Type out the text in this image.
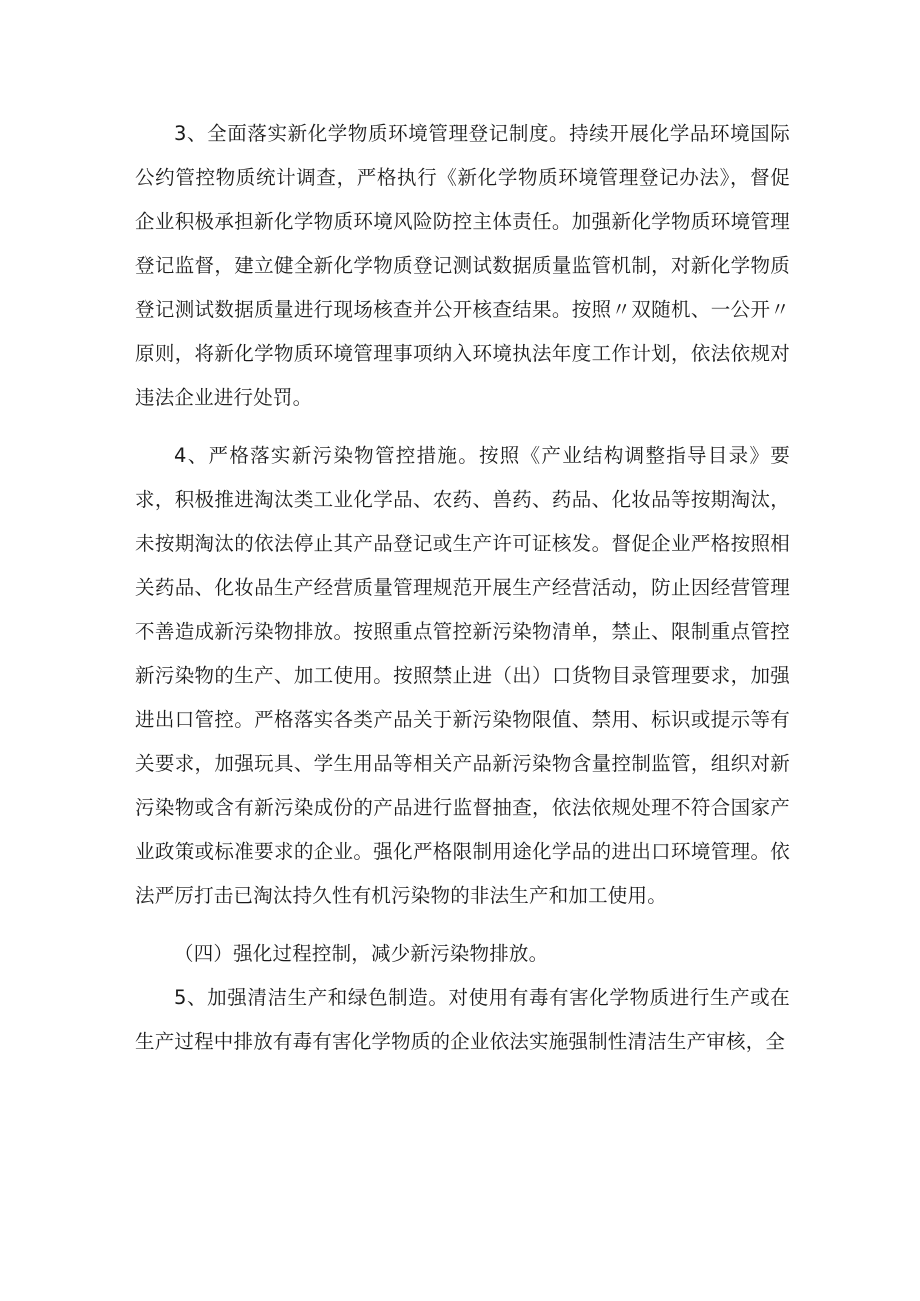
3、全面落实新化学物质环境管理登记制度。持续开展化学品环境国际公约管控物质统计调查，严格执行《新化学物质环境管理登记办法》，督促企业积极承担新化学物质环境风险防控主体责任。加强新化学物质环境管理登记监督，建立健全新化学物质登记测试数据质量监管机制，对新化学物质登记测试数据质量进行现场核查并公开核查结果。按照〃双随机、一公开〃原则，将新化学物质环境管理事项纳入环境执法年度工作计划，依法依规对违法企业进行处罚。

4、严格落实新污染物管控措施。按照《产业结构调整指导目录》要求，积极推进淘汰类工业化学品、农药、兽药、药品、化妆品等按期淘汰，未按期淘汰的依法停止其产品登记或生产许可证核发。督促企业严格按照相关药品、化妆品生产经营质量管理规范开展生产经营活动，防止因经营管理不善造成新污染物排放。按照重点管控新污染物清单，禁止、限制重点管控新污染物的生产、加工使用。按照禁止进（出）口货物目录管理要求，加强进出口管控。严格落实各类产品关于新污染物限值、禁用、标识或提示等有关要求，加强玩具、学生用品等相关产品新污染物含量控制监管，组织对新污染物或含有新污染成份的产品进行监督抽查，依法依规处理不符合国家产业政策或标准要求的企业。强化严格限制用途化学品的进出口环境管理。依法严厉打击已淘汰持久性有机污染物的非法生产和加工使用。

（四）强化过程控制，减少新污染物排放。

5、加强清洁生产和绿色制造。对使用有毒有害化学物质进行生产或在生产过程中排放有毒有害化学物质的企业依法实施强制性清洁生产审核，全
